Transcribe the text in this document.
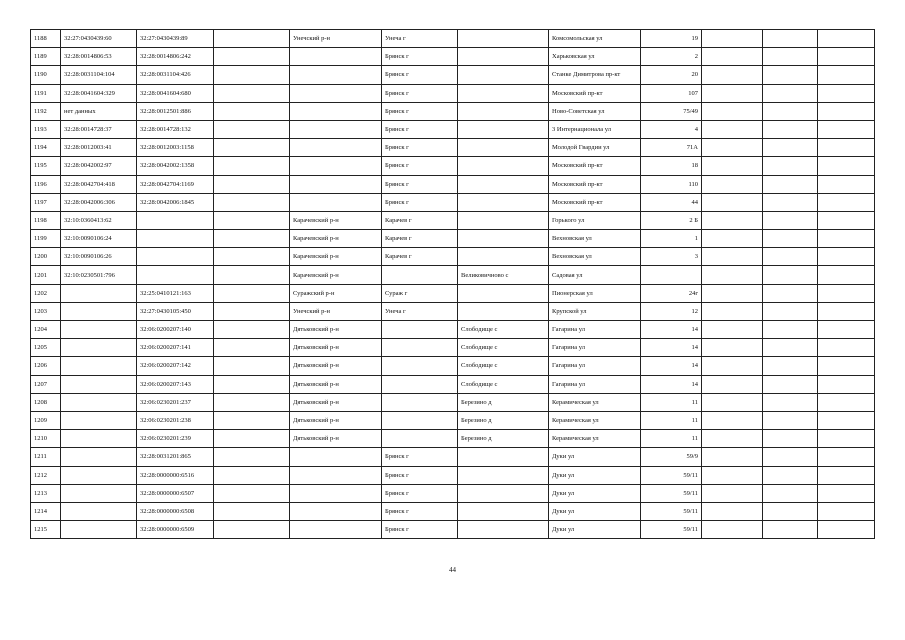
1188	32:27:0430439:60	32:27:0430439:89		Унечский р-н	Унеча г		Комсомольская ул	19			
1189	32:28:0014806:53	32:28:0014806:242			Брянск г		Харьковская ул	2			
1190	32:28:0031104:104	32:28:0031104:426			Брянск г		Станке Димитрова пр-кт	20			
1191	32:28:0041604:329	32:28:0041604:680			Брянск г		Московский пр-кт	107			
1192	нет данных	32:28:0012501:886			Брянск г		Ново-Советская ул	75/49			
1193	32:28:0014728:37	32:28:0014728:132			Брянск г		3 Интернационала ул	4			
1194	32:28:0012003:41	32:28:0012003:1158			Брянск г		Молодой Гвардии ул	71А			
1195	32:28:0042002:97	32:28:0042002:1358			Брянск г		Московский пр-кт	18			
1196	32:28:0042704:418	32:28:0042704:1169			Брянск г		Московский пр-кт	110			
1197	32:28:0042006:306	32:28:0042006:1845			Брянск г		Московский пр-кт	44			
1198	32:10:0360413:62			Карачевский р-н	Карачев г		Горького ул	2 Б			
1199	32:10:0090106:24			Карачевский р-н	Карачев г		Вехновская ул	1			
1200	32:10:0090106:26			Карачевский р-н	Карачев г		Вехновская ул	3			
1201	32:10:0230501:796			Карачевский р-н		Великовичново с	Садовая ул				
1202		32:25:0410121:163		Суражский р-н	Сураж г		Пионерская ул	24г			
1203		32:27:0430105:450		Унечский р-н	Унеча г		Крупской ул	12			
1204		32:06:0200207:140		Дятьковский р-н		Слободище с	Гагарина ул	14			
1205		32:06:0200207:141		Дятьковский р-н		Слободище с	Гагарина ул	14			
1206		32:06:0200207:142		Дятьковский р-н		Слободище с	Гагарина ул	14			
1207		32:06:0200207:143		Дятьковский р-н		Слободище с	Гагарина ул	14			
1208		32:06:0230201:237		Дятьковский р-н		Березино д	Керамическая ул	11			
1209		32:06:0230201:238		Дятьковский р-н		Березино д	Керамическая ул	11			
1210		32:06:0230201:239		Дятьковский р-н		Березино д	Керамическая ул	11			
1211		32:28:0031201:865			Брянск г		Дуки ул	59/9			
1212		32:28:0000000:6516			Брянск г		Дуки ул	59/11			
1213		32:28:0000000:6507			Брянск г		Дуки ул	59/11			
1214		32:28:0000000:6508			Брянск г		Дуки ул	59/11			
1215		32:28:0000000:6509			Брянск г		Дуки ул	59/11			
44
